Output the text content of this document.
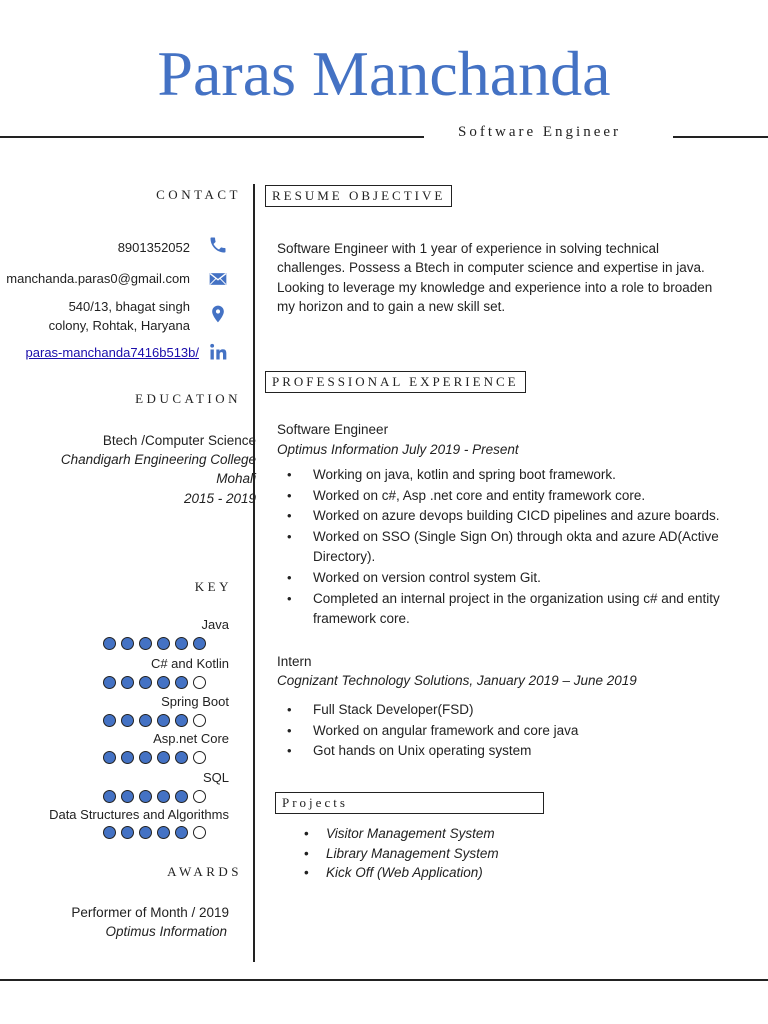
Paras Manchanda
Software Engineer
CONTACT
8901352052
manchanda.paras0@gmail.com
540/13, bhagat singh
colony, Rohtak, Haryana
paras-manchanda7416b513b/
EDUCATION
Btech /Computer Science
Chandigarh Engineering College
Mohali
2015 - 2019
KEY
Java
C# and Kotlin
Spring Boot
Asp.net Core
SQL
Data Structures and Algorithms
AWARDS
Performer of Month / 2019
Optimus Information
RESUME OBJECTIVE
Software Engineer with 1 year of experience in solving technical
challenges. Possess a Btech in computer science and expertise in java.
Looking to leverage my knowledge and experience into a role to broaden
my horizon and to gain a new skill set.
PROFESSIONAL EXPERIENCE
Software Engineer
Optimus Information July 2019 - Present
• Working on java, kotlin and spring boot framework.
• Worked on c#, Asp .net core and entity framework core.
• Worked on azure devops building CICD pipelines and azure boards.
• Worked on SSO (Single Sign On) through okta and azure AD(Active Directory).
• Worked on version control system Git.
• Completed an internal project in the organization using c# and entity framework core.
Intern
Cognizant Technology Solutions, January 2019 – June 2019
• Full Stack Developer(FSD)
• Worked on angular framework and core java
• Got hands on Unix operating system
Projects
• Visitor Management System
• Library Management System
• Kick Off (Web Application)
